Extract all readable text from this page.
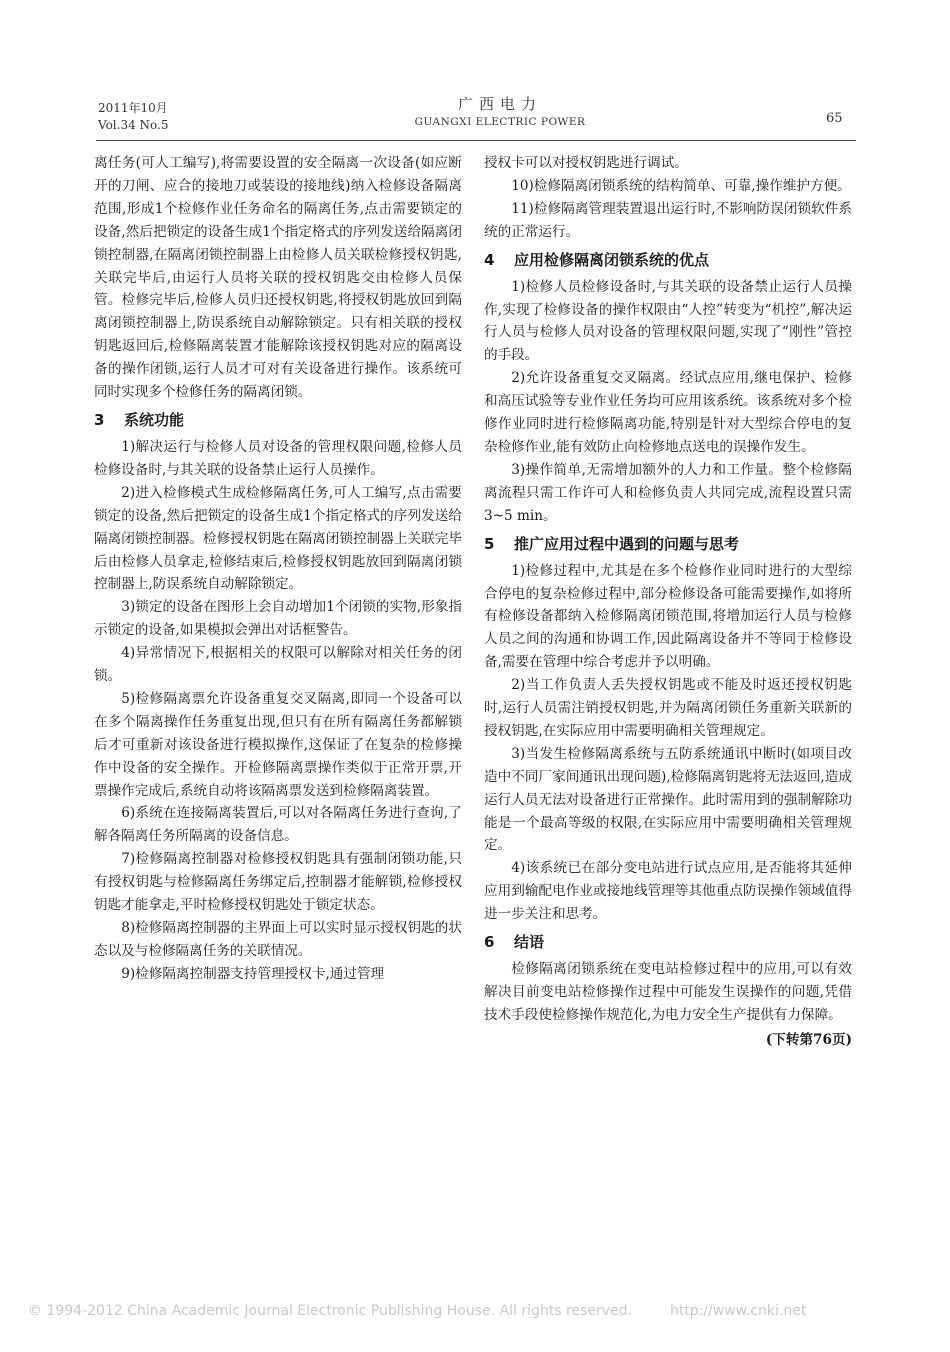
2011年10月
Vol.34 No.5
广西电力
GUANGXI ELECTRIC POWER	65

离任务(可人工编写),将需要设置的安全隔离一次设备(如应断开的刀闸、应合的接地刀或装设的接地线)纳入检修设备隔离范围,形成1个检修作业任务命名的隔离任务,点击需要锁定的设备,然后把锁定的设备生成1个指定格式的序列发送给隔离闭锁控制器,在隔离闭锁控制器上由检修人员关联检修授权钥匙,关联完毕后,由运行人员将关联的授权钥匙交由检修人员保管。检修完毕后,检修人员归还授权钥匙,将授权钥匙放回到隔离闭锁控制器上,防误系统自动解除锁定。只有相关联的授权钥匙返回后,检修隔离装置才能解除该授权钥匙对应的隔离设备的操作闭锁,运行人员才可对有关设备进行操作。该系统可同时实现多个检修任务的隔离闭锁。

3 系统功能

1)解决运行与检修人员对设备的管理权限问题,检修人员检修设备时,与其关联的设备禁止运行人员操作。

2)进入检修模式生成检修隔离任务,可人工编写,点击需要锁定的设备,然后把锁定的设备生成1个指定格式的序列发送给隔离闭锁控制器。检修授权钥匙在隔离闭锁控制器上关联完毕后由检修人员拿走,检修结束后,检修授权钥匙放回到隔离闭锁控制器上,防误系统自动解除锁定。

3)锁定的设备在图形上会自动增加1个闭锁的实物,形象指示锁定的设备,如果模拟会弹出对话框警告。

4)异常情况下,根据相关的权限可以解除对相关任务的闭锁。

5)检修隔离票允许设备重复交叉隔离,即同一个设备可以在多个隔离操作任务重复出现,但只有在所有隔离任务都解锁后才可重新对该设备进行模拟操作,这保证了在复杂的检修操作中设备的安全操作。开检修隔离票操作类似于正常开票,开票操作完成后,系统自动将该隔离票发送到检修隔离装置。

6)系统在连接隔离装置后,可以对各隔离任务进行查询,了解各隔离任务所隔离的设备信息。

7)检修隔离控制器对检修授权钥匙具有强制闭锁功能,只有授权钥匙与检修隔离任务绑定后,控制器才能解锁,检修授权钥匙才能拿走,平时检修授权钥匙处于锁定状态。

8)检修隔离控制器的主界面上可以实时显示授权钥匙的状态以及与检修隔离任务的关联情况。

9)检修隔离控制器支持管理授权卡,通过管理

授权卡可以对授权钥匙进行调试。

10)检修隔离闭锁系统的结构简单、可靠,操作维护方便。

11)检修隔离管理装置退出运行时,不影响防误闭锁软件系统的正常运行。

4 应用检修隔离闭锁系统的优点

1)检修人员检修设备时,与其关联的设备禁止运行人员操作,实现了检修设备的操作权限由“人控”转变为“机控”,解决运行人员与检修人员对设备的管理权限问题,实现了“刚性”管控的手段。

2)允许设备重复交叉隔离。经试点应用,继电保护、检修和高压试验等专业作业任务均可应用该系统。该系统对多个检修作业同时进行检修隔离功能,特别是针对大型综合停电的复杂检修作业,能有效防止向检修地点送电的误操作发生。

3)操作简单,无需增加额外的人力和工作量。整个检修隔离流程只需工作许可人和检修负责人共同完成,流程设置只需3~5 min。

5 推广应用过程中遇到的问题与思考

1)检修过程中,尤其是在多个检修作业同时进行的大型综合停电的复杂检修过程中,部分检修设备可能需要操作,如将所有检修设备都纳入检修隔离闭锁范围,将增加运行人员与检修人员之间的沟通和协调工作,因此隔离设备并不等同于检修设备,需要在管理中综合考虑并予以明确。

2)当工作负责人丢失授权钥匙或不能及时返还授权钥匙时,运行人员需注销授权钥匙,并为隔离闭锁任务重新关联新的授权钥匙,在实际应用中需要明确相关管理规定。

3)当发生检修隔离系统与五防系统通讯中断时(如项目改造中不同厂家间通讯出现问题),检修隔离钥匙将无法返回,造成运行人员无法对设备进行正常操作。此时需用到的强制解除功能是一个最高等级的权限,在实际应用中需要明确相关管理规定。

4)该系统已在部分变电站进行试点应用,是否能将其延伸应用到输配电作业或接地线管理等其他重点防误操作领域值得进一步关注和思考。

6 结语

检修隔离闭锁系统在变电站检修过程中的应用,可以有效解决目前变电站检修操作过程中可能发生误操作的问题,凭借技术手段使检修操作规范化,为电力安全生产提供有力保障。

(下转第76页)
© 1994-2012 China Academic Journal Electronic Publishing House. All rights reserved.	http://www.cnki.net
